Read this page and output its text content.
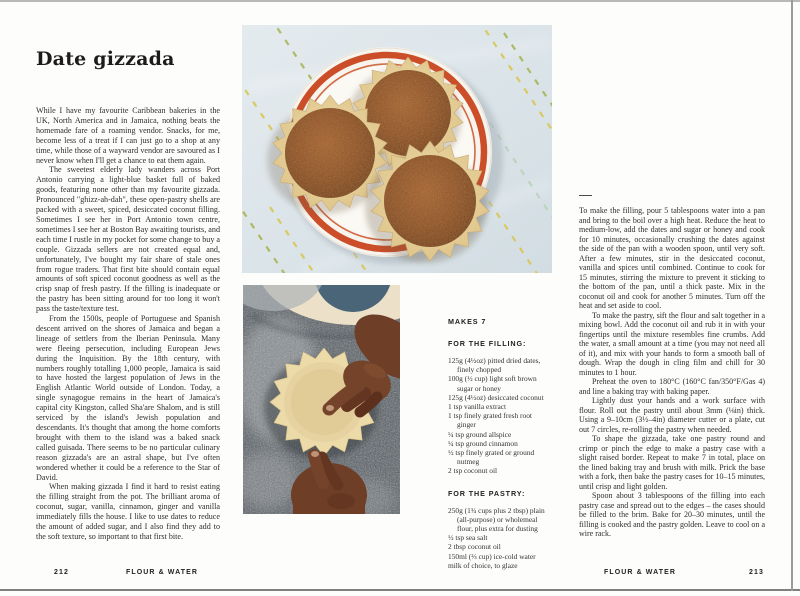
Date gizzada

While I have my favourite Caribbean bakeries in the UK, North America and in Jamaica, nothing beats the homemade fare of a roaming vendor. Snacks, for me, become less of a treat if I can just go to a shop at any time, while those of a wayward vendor are savoured as I never know when I'll get a chance to eat them again.

The sweetest elderly lady wanders across Port Antonio carrying a light-blue basket full of baked goods, featuring none other than my favourite gizzada. Pronounced "ghizz-ah-dah", these open-pastry shells are packed with a sweet, spiced, desiccated coconut filling. Sometimes I see her in Port Antonio town centre, sometimes I see her at Boston Bay awaiting tourists, and each time I rustle in my pocket for some change to buy a couple. Gizzada sellers are not created equal and, unfortunately, I've bought my fair share of stale ones from rogue traders. That first bite should contain equal amounts of soft spiced coconut goodness as well as the crisp snap of fresh pastry. If the filling is inadequate or the pastry has been sitting around for too long it won't pass the taste/texture test.

From the 1500s, people of Portuguese and Spanish descent arrived on the shores of Jamaica and began a lineage of settlers from the Iberian Peninsula. Many were fleeing persecution, including European Jews during the Inquisition. By the 18th century, with numbers roughly totalling 1,000 people, Jamaica is said to have hosted the largest population of Jews in the English Atlantic World outside of London. Today, a single synagogue remains in the heart of Jamaica's capital city Kingston, called Sha'are Shalom, and is still serviced by the island's Jewish population and descendants. It's thought that among the home comforts brought with them to the island was a baked snack called guisada. There seems to be no particular culinary reason gizzada's are an astral shape, but I've often wondered whether it could be a reference to the Star of David.

When making gizzada I find it hard to resist eating the filling straight from the pot. The brilliant aroma of coconut, sugar, vanilla, cinnamon, ginger and vanilla immediately fills the house. I like to use dates to reduce the amount of added sugar, and I also find they add to the soft texture, so important to that first bite.

MAKES 7

FOR THE FILLING:
125g (4½oz) pitted dried dates, finely chopped
100g (½ cup) light soft brown sugar or honey
125g (4½oz) desiccated coconut
1 tsp vanilla extract
1 tsp finely grated fresh root ginger
¼ tsp ground allspice
¼ tsp ground cinnamon
½ tsp finely grated or ground nutmeg
2 tsp coconut oil
FOR THE PASTRY:
250g (1¾ cups plus 2 tbsp) plain (all-purpose) or wholemeal flour, plus extra for dusting
½ tsp sea salt
2 tbsp coconut oil
150ml (⅔ cup) ice-cold water
milk of choice, to glaze

To make the filling, pour 5 tablespoons water into a pan and bring to the boil over a high heat. Reduce the heat to medium-low, add the dates and sugar or honey and cook for 10 minutes, occasionally crushing the dates against the side of the pan with a wooden spoon, until very soft. After a few minutes, stir in the desiccated coconut, vanilla and spices until combined. Continue to cook for 15 minutes, stirring the mixture to prevent it sticking to the bottom of the pan, until a thick paste. Mix in the coconut oil and cook for another 5 minutes. Turn off the heat and set aside to cool.

To make the pastry, sift the flour and salt together in a mixing bowl. Add the coconut oil and rub it in with your fingertips until the mixture resembles fine crumbs. Add the water, a small amount at a time (you may not need all of it), and mix with your hands to form a smooth ball of dough. Wrap the dough in cling film and chill for 30 minutes to 1 hour.

Preheat the oven to 180°C (160°C fan/350°F/Gas 4) and line a baking tray with baking paper.

Lightly dust your hands and a work surface with flour. Roll out the pastry until about 3mm (⅛in) thick. Using a 9–10cm (3½–4in) diameter cutter or a plate, cut out 7 circles, re-rolling the pastry when needed.

To shape the gizzada, take one pastry round and crimp or pinch the edge to make a pastry case with a slight raised border. Repeat to make 7 in total, place on the lined baking tray and brush with milk. Prick the base with a fork, then bake the pastry cases for 10–15 minutes, until crisp and light golden.

Spoon about 3 tablespoons of the filling into each pastry case and spread out to the edges – the cases should be filled to the brim. Bake for 20–30 minutes, until the filling is cooked and the pastry golden. Leave to cool on a wire rack.

212	FLOUR & WATER	FLOUR & WATER	213
